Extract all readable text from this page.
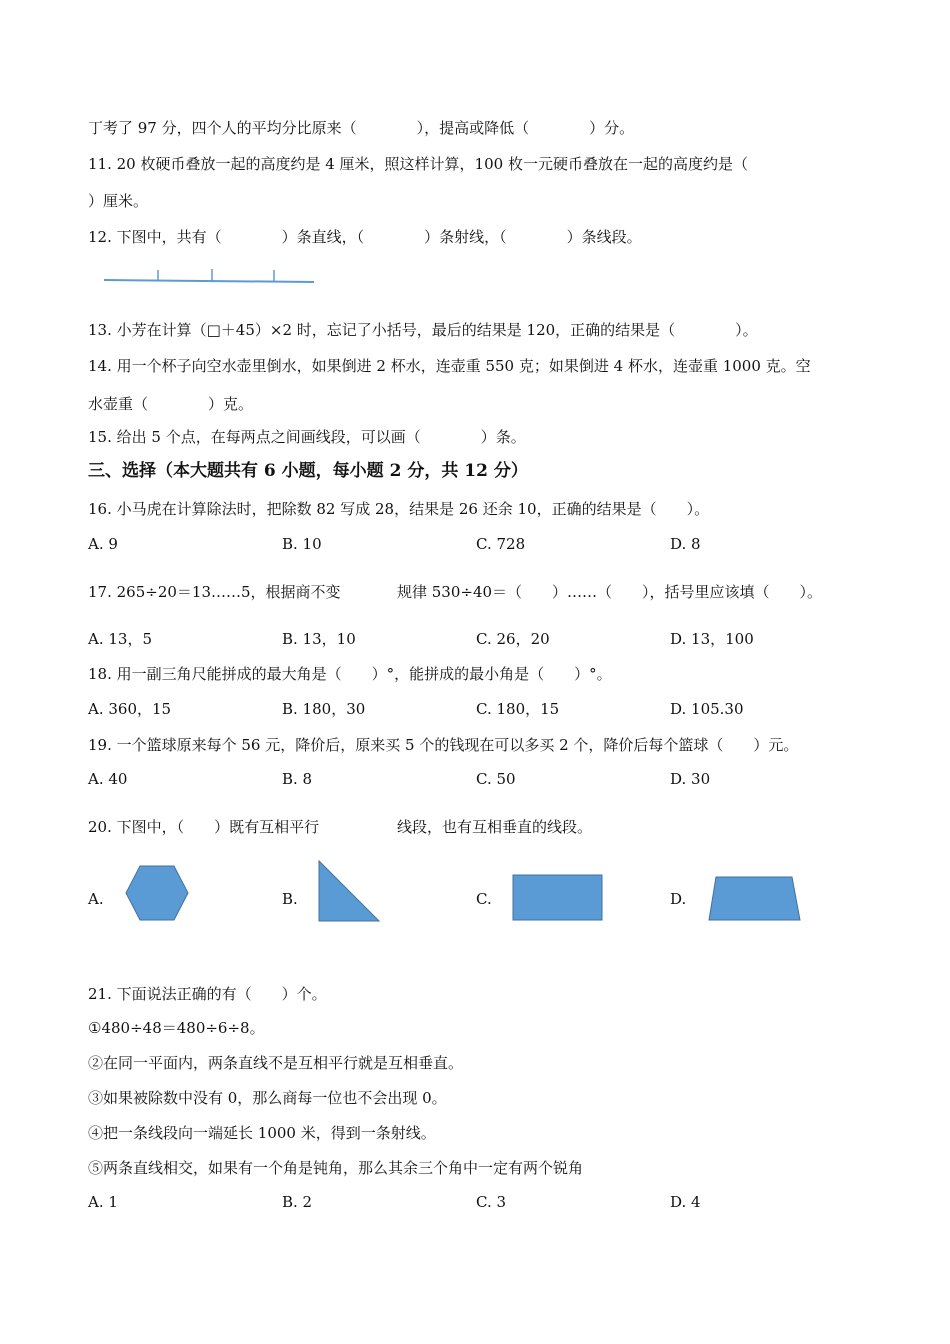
丁考了 97 分，四个人的平均分比原来（　　　　），提高或降低（　　　　）分。
11. 20 枚硬币叠放一起的高度约是 4 厘米，照这样计算，100 枚一元硬币叠放在一起的高度约是（
）厘米。
12. 下图中，共有（　　　　）条直线，（　　　　）条射线，（　　　　）条线段。
13. 小芳在计算（□＋45）×2 时，忘记了小括号，最后的结果是 120，正确的结果是（　　　　）。
14. 用一个杯子向空水壶里倒水，如果倒进 2 杯水，连壶重 550 克；如果倒进 4 杯水，连壶重 1000 克。空
水壶重（　　　　）克。
15. 给出 5 个点，在每两点之间画线段，可以画（　　　　）条。
三、选择（本大题共有 6 小题，每小题 2 分，共 12 分）
16. 小马虎在计算除法时，把除数 82 写成 28，结果是 26 还余 10，正确的结果是（　　）。
A. 9	B. 10	C. 728	D. 8
17. 265÷20＝13……5，根据商不变	规律 530÷40＝（　　）……（　　），括号里应该填（　　）。
A. 13，5	B. 13，10	C. 26，20	D. 13，100
18. 用一副三角尺能拼成的最大角是（　　）°，能拼成的最小角是（　　）°。
A. 360，15	B. 180，30	C. 180，15	D. 105.30
19. 一个篮球原来每个 56 元，降价后，原来买 5 个的钱现在可以多买 2 个，降价后每个篮球（　　）元。
A. 40	B. 8	C. 50	D. 30
20. 下图中，（　　）既有互相平行	线段，也有互相垂直的线段。
A.	B.	C.	D.
21. 下面说法正确的有（　　）个。
①480÷48＝480÷6÷8。
②在同一平面内，两条直线不是互相平行就是互相垂直。
③如果被除数中没有 0，那么商每一位也不会出现 0。
④把一条线段向一端延长 1000 米，得到一条射线。
⑤两条直线相交，如果有一个角是钝角，那么其余三个角中一定有两个锐角
A. 1	B. 2	C. 3	D. 4
